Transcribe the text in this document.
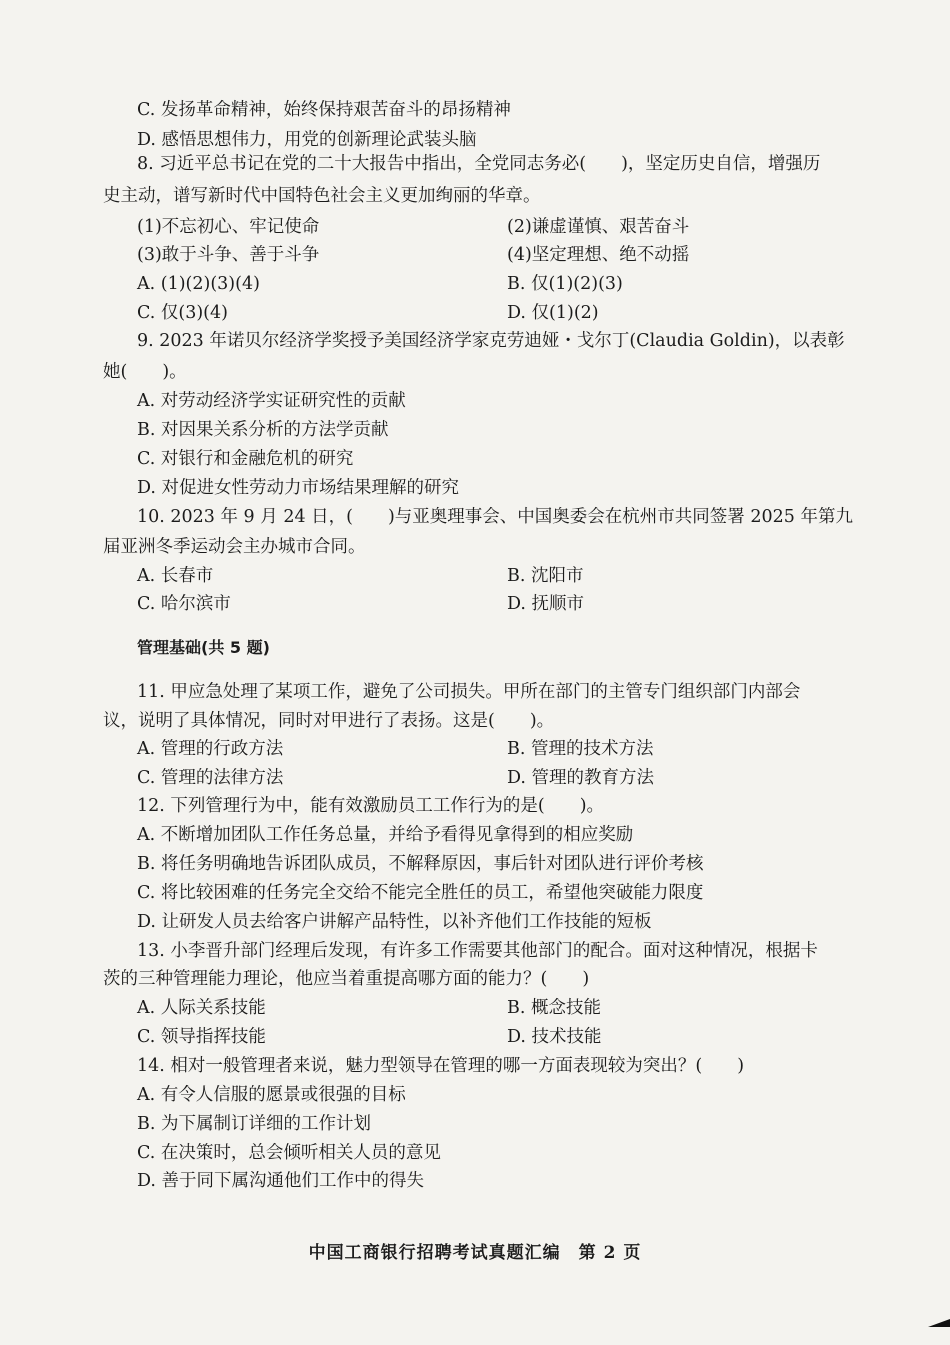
C. 发扬革命精神，始终保持艰苦奋斗的昂扬精神
D. 感悟思想伟力，用党的创新理论武装头脑
8. 习近平总书记在党的二十大报告中指出，全党同志务必(　　)，坚定历史自信，增强历
史主动，谱写新时代中国特色社会主义更加绚丽的华章。
(1)不忘初心、牢记使命	(2)谦虚谨慎、艰苦奋斗
(3)敢于斗争、善于斗争	(4)坚定理想、绝不动摇
A. (1)(2)(3)(4)	B. 仅(1)(2)(3)
C. 仅(3)(4)	D. 仅(1)(2)
9. 2023 年诺贝尔经济学奖授予美国经济学家克劳迪娅・戈尔丁(Claudia Goldin)，以表彰
她(　　)。
A. 对劳动经济学实证研究性的贡献
B. 对因果关系分析的方法学贡献
C. 对银行和金融危机的研究
D. 对促进女性劳动力市场结果理解的研究
10. 2023 年 9 月 24 日，(　　)与亚奥理事会、中国奥委会在杭州市共同签署 2025 年第九
届亚洲冬季运动会主办城市合同。
A. 长春市	B. 沈阳市
C. 哈尔滨市	D. 抚顺市
管理基础(共 5 题)
11. 甲应急处理了某项工作，避免了公司损失。甲所在部门的主管专门组织部门内部会
议，说明了具体情况，同时对甲进行了表扬。这是(　　)。
A. 管理的行政方法	B. 管理的技术方法
C. 管理的法律方法	D. 管理的教育方法
12. 下列管理行为中，能有效激励员工工作行为的是(　　)。
A. 不断增加团队工作任务总量，并给予看得见拿得到的相应奖励
B. 将任务明确地告诉团队成员，不解释原因，事后针对团队进行评价考核
C. 将比较困难的任务完全交给不能完全胜任的员工，希望他突破能力限度
D. 让研发人员去给客户讲解产品特性，以补齐他们工作技能的短板
13. 小李晋升部门经理后发现，有许多工作需要其他部门的配合。面对这种情况，根据卡
茨的三种管理能力理论，他应当着重提高哪方面的能力？(　　)
A. 人际关系技能	B. 概念技能
C. 领导指挥技能	D. 技术技能
14. 相对一般管理者来说，魅力型领导在管理的哪一方面表现较为突出？(　　)
A. 有令人信服的愿景或很强的目标
B. 为下属制订详细的工作计划
C. 在决策时，总会倾听相关人员的意见
D. 善于同下属沟通他们工作中的得失
中国工商银行招聘考试真题汇编　第 2 页
